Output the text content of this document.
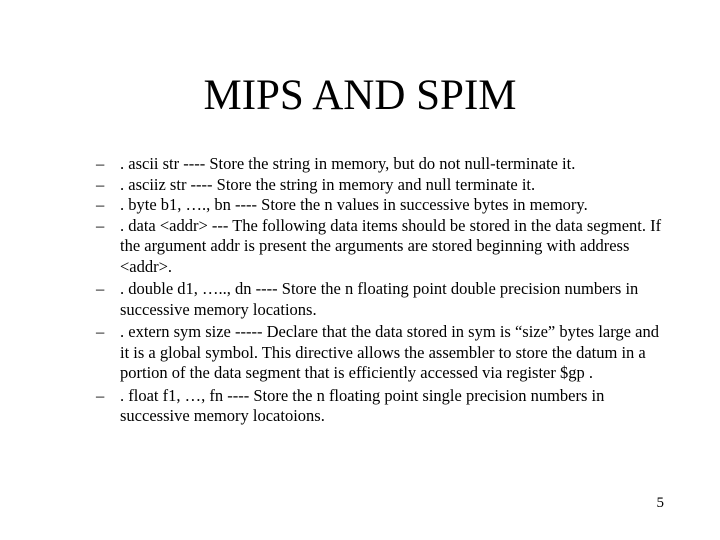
MIPS AND SPIM
– . ascii str ---- Store the string in memory, but do not null-terminate it.
– . asciiz str ---- Store the string in memory and null terminate it.
– . byte b1, …., bn ---- Store the n values in successive bytes in memory.
– . data <addr> --- The following data items should be stored in the data segment. If the argument addr is present the arguments are stored beginning with address <addr>.
– . double d1, ….., dn ---- Store the n floating point double precision numbers in successive memory locations.
– . extern sym size ----- Declare that the data stored in sym is “size” bytes large and it is a global symbol. This directive allows the assembler to store the datum in a portion of the data segment that is efficiently accessed via register $gp .
– . float f1, …, fn ---- Store the n floating point single precision numbers in successive memory locatoions.
5
